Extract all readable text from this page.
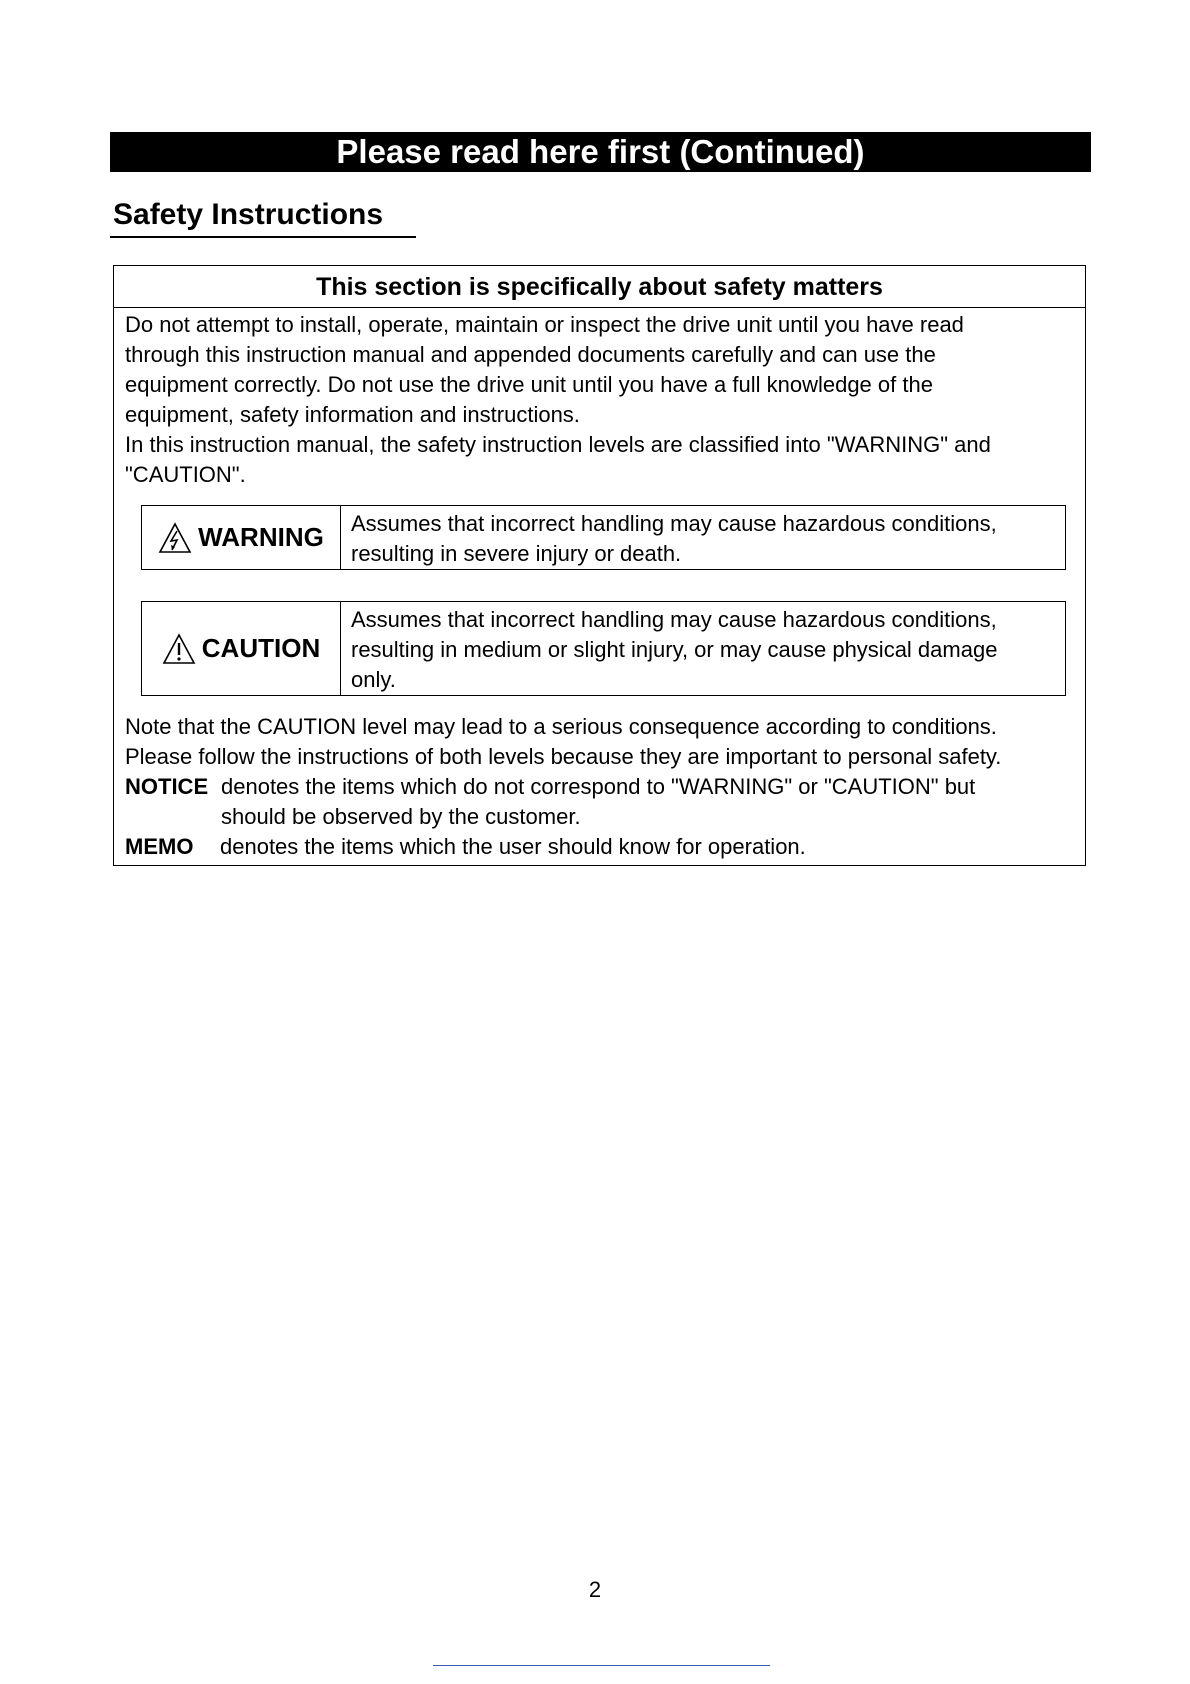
Please read here first (Continued)
Safety Instructions
This section is specifically about safety matters
Do not attempt to install, operate, maintain or inspect the drive unit until you have read
through this instruction manual and appended documents carefully and can use the
equipment correctly. Do not use the drive unit until you have a full knowledge of the
equipment, safety information and instructions.
In this instruction manual, the safety instruction levels are classified into "WARNING" and
"CAUTION".
WARNING Assumes that incorrect handling may cause hazardous conditions,
resulting in severe injury or death.
CAUTION
Assumes that incorrect handling may cause hazardous conditions,
resulting in medium or slight injury, or may cause physical damage
only.
Note that the CAUTION level may lead to a serious consequence according to conditions.
Please follow the instructions of both levels because they are important to personal safety.
NOTICE denotes the items which do not correspond to "WARNING" or "CAUTION" but
should be observed by the customer.
MEMO denotes the items which the user should know for operation.
2
